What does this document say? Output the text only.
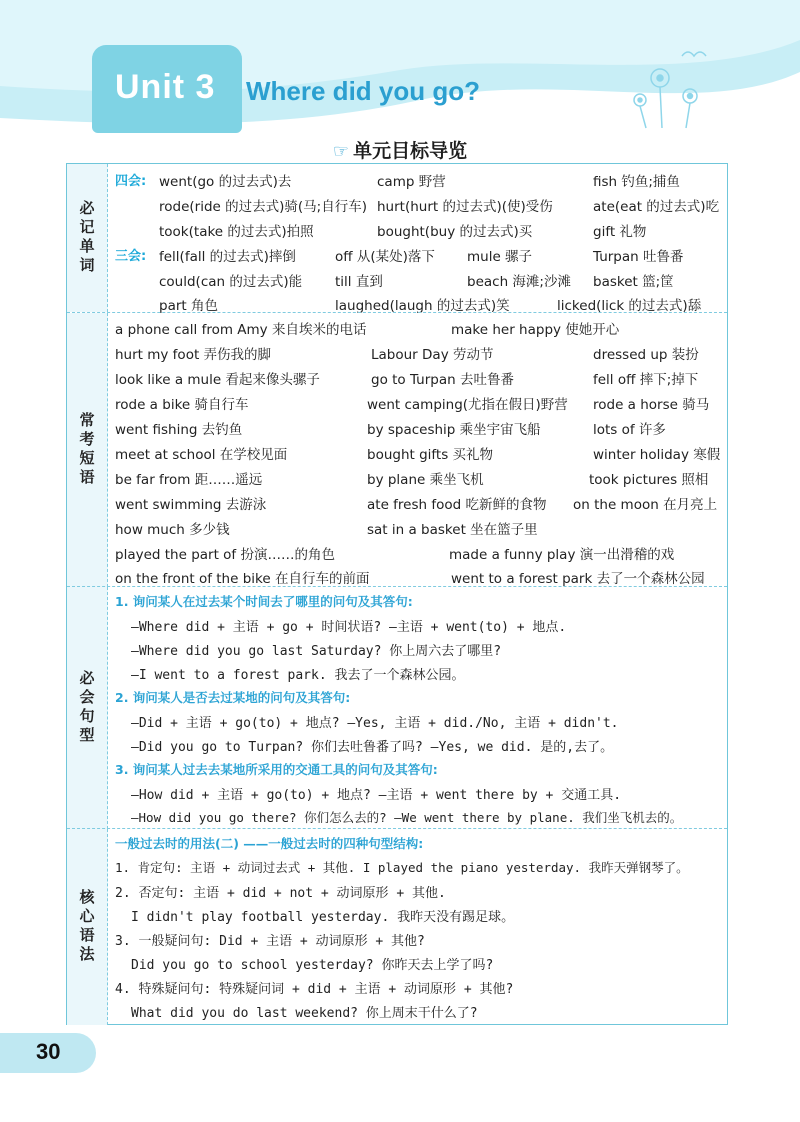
Unit 3 Where did you go?
☞ 单元目标导览
必记单词
四会: went(go 的过去式)去	camp 野营	fish 钓鱼;捕鱼
rode(ride 的过去式)骑(马;自行车) hurt(hurt 的过去式)(使)受伤	ate(eat 的过去式)吃
took(take 的过去式)拍照	bought(buy 的过去式)买	gift 礼物
三会: fell(fall 的过去式)摔倒	off 从(某处)落下 mule 骡子	Turpan 吐鲁番
could(can 的过去式)能 till 直到	beach 海滩;沙滩 basket 篮;筐
part 角色	laughed(laugh 的过去式)笑	licked(lick 的过去式)舔
常考短语
a phone call from Amy 来自埃米的电话	make her happy 使她开心
hurt my foot 弄伤我的脚	Labour Day 劳动节	dressed up 装扮
look like a mule 看起来像头骡子	go to Turpan 去吐鲁番	fell off 摔下;掉下
rode a bike 骑自行车	went camping(尤指在假日)野营 rode a horse 骑马
went fishing 去钓鱼	by spaceship 乘坐宇宙飞船	lots of 许多
meet at school 在学校见面	bought gifts 买礼物	winter holiday 寒假
be far from 距……遥远	by plane 乘坐飞机	took pictures 照相
went swimming 去游泳	ate fresh food 吃新鲜的食物 on the moon 在月亮上
how much 多少钱	sat in a basket 坐在篮子里
played the part of 扮演……的角色	made a funny play 演一出滑稽的戏
on the front of the bike 在自行车的前面	went to a forest park 去了一个森林公园
必会句型
1. 询问某人在过去某个时间去了哪里的问句及其答句:
—Where did + 主语 + go + 时间状语? —主语 + went(to) + 地点.
—Where did you go last Saturday? 你上周六去了哪里?
—I went to a forest park. 我去了一个森林公园。
2. 询问某人是否去过某地的问句及其答句:
—Did + 主语 + go(to) + 地点? —Yes, 主语 + did./No, 主语 + didn't.
—Did you go to Turpan? 你们去吐鲁番了吗? —Yes, we did. 是的,去了。
3. 询问某人过去去某地所采用的交通工具的问句及其答句:
—How did + 主语 + go(to) + 地点? —主语 + went there by + 交通工具.
—How did you go there? 你们怎么去的? —We went there by plane. 我们坐飞机去的。
核心语法
一般过去时的用法(二) ——一般过去时的四种句型结构:
1. 肯定句: 主语 + 动词过去式 + 其他. I played the piano yesterday. 我昨天弹钢琴了。
2. 否定句: 主语 + did + not + 动词原形 + 其他.
I didn't play football yesterday. 我昨天没有踢足球。
3. 一般疑问句: Did + 主语 + 动词原形 + 其他?
Did you go to school yesterday? 你昨天去上学了吗?
4. 特殊疑问句: 特殊疑问词 + did + 主语 + 动词原形 + 其他?
What did you do last weekend? 你上周末干什么了?
30
